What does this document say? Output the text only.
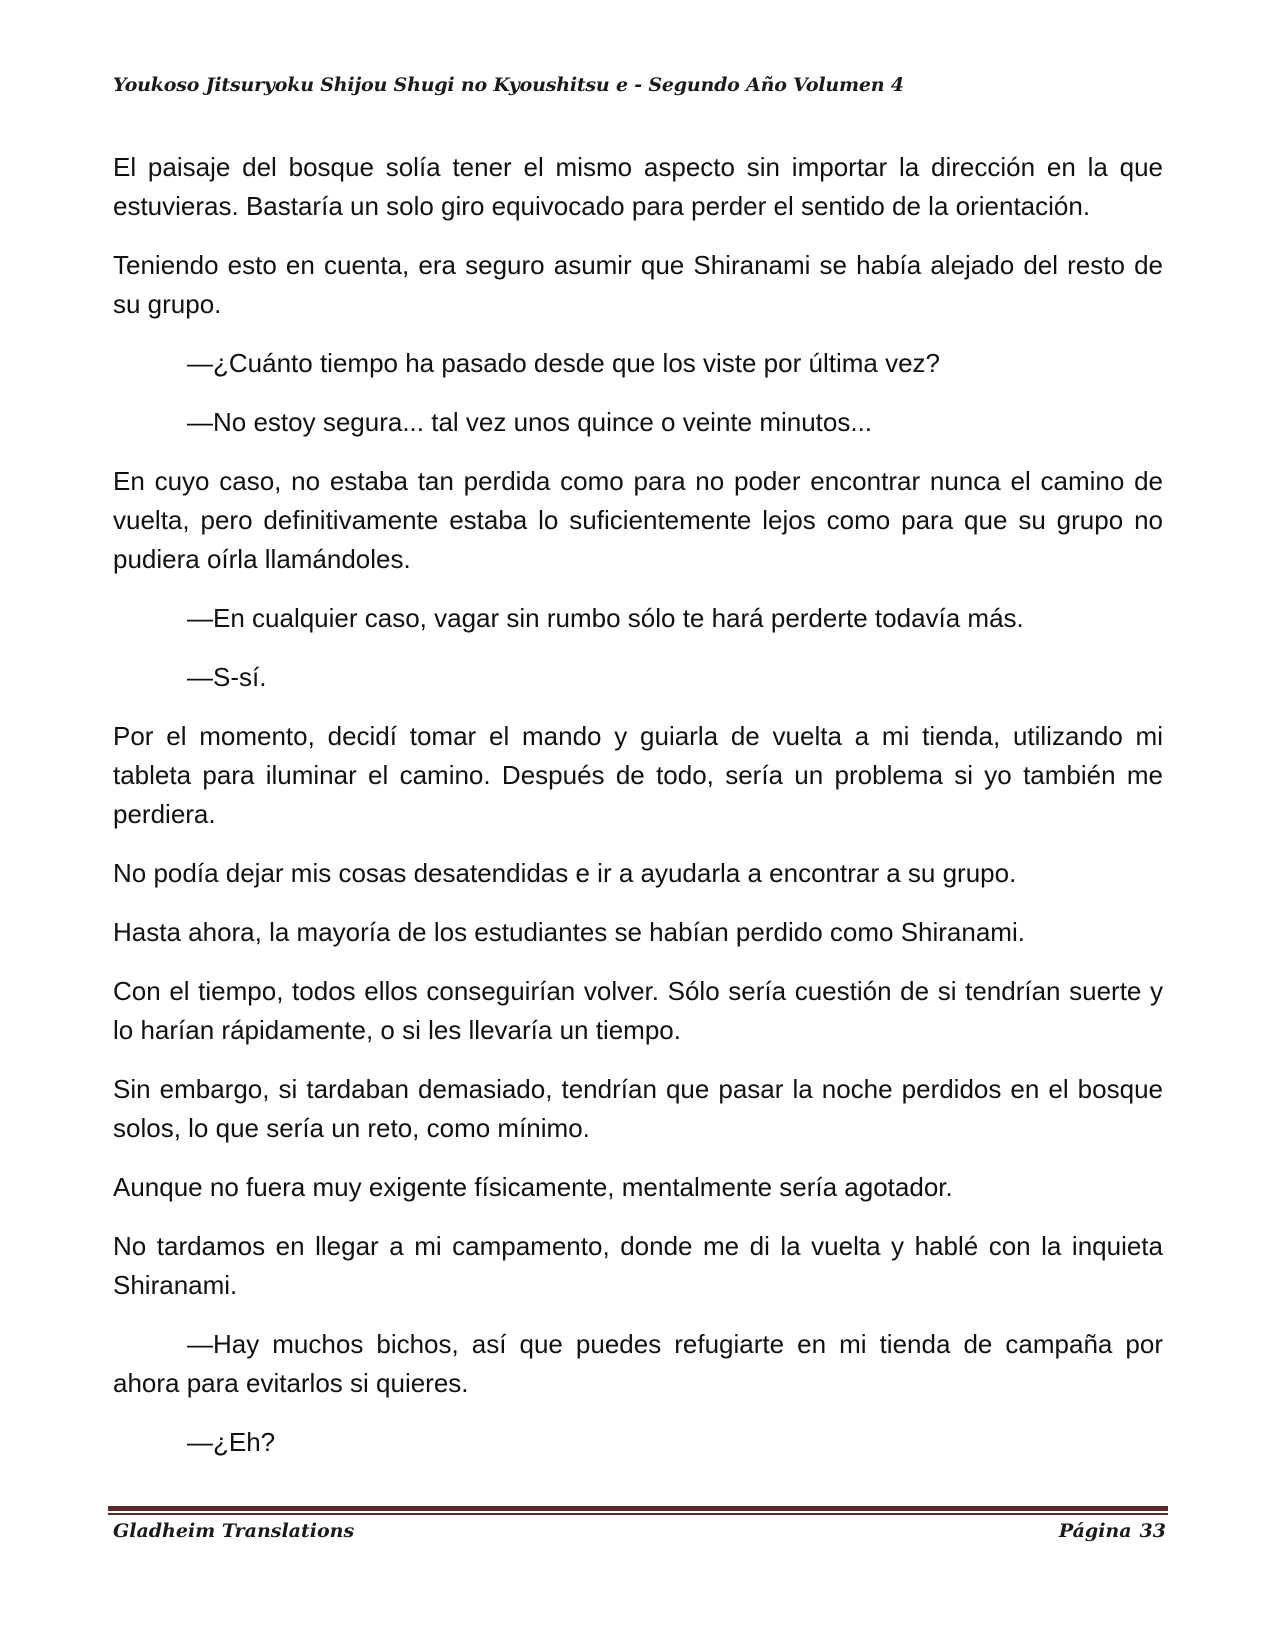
Youkoso Jitsuryoku Shijou Shugi no Kyoushitsu e - Segundo Año Volumen 4

El paisaje del bosque solía tener el mismo aspecto sin importar la dirección en la que estuvieras. Bastaría un solo giro equivocado para perder el sentido de la orientación.

Teniendo esto en cuenta, era seguro asumir que Shiranami se había alejado del resto de su grupo.

—¿Cuánto tiempo ha pasado desde que los viste por última vez?

—No estoy segura... tal vez unos quince o veinte minutos...

En cuyo caso, no estaba tan perdida como para no poder encontrar nunca el camino de vuelta, pero definitivamente estaba lo suficientemente lejos como para que su grupo no pudiera oírla llamándoles.

—En cualquier caso, vagar sin rumbo sólo te hará perderte todavía más.

—S-sí.

Por el momento, decidí tomar el mando y guiarla de vuelta a mi tienda, utilizando mi tableta para iluminar el camino. Después de todo, sería un problema si yo también me perdiera.

No podía dejar mis cosas desatendidas e ir a ayudarla a encontrar a su grupo.

Hasta ahora, la mayoría de los estudiantes se habían perdido como Shiranami.

Con el tiempo, todos ellos conseguirían volver. Sólo sería cuestión de si tendrían suerte y lo harían rápidamente, o si les llevaría un tiempo.

Sin embargo, si tardaban demasiado, tendrían que pasar la noche perdidos en el bosque solos, lo que sería un reto, como mínimo.

Aunque no fuera muy exigente físicamente, mentalmente sería agotador.

No tardamos en llegar a mi campamento, donde me di la vuelta y hablé con la inquieta Shiranami.

—Hay muchos bichos, así que puedes refugiarte en mi tienda de campaña por ahora para evitarlos si quieres.

—¿Eh?

Gladheim Translations	Página 33
